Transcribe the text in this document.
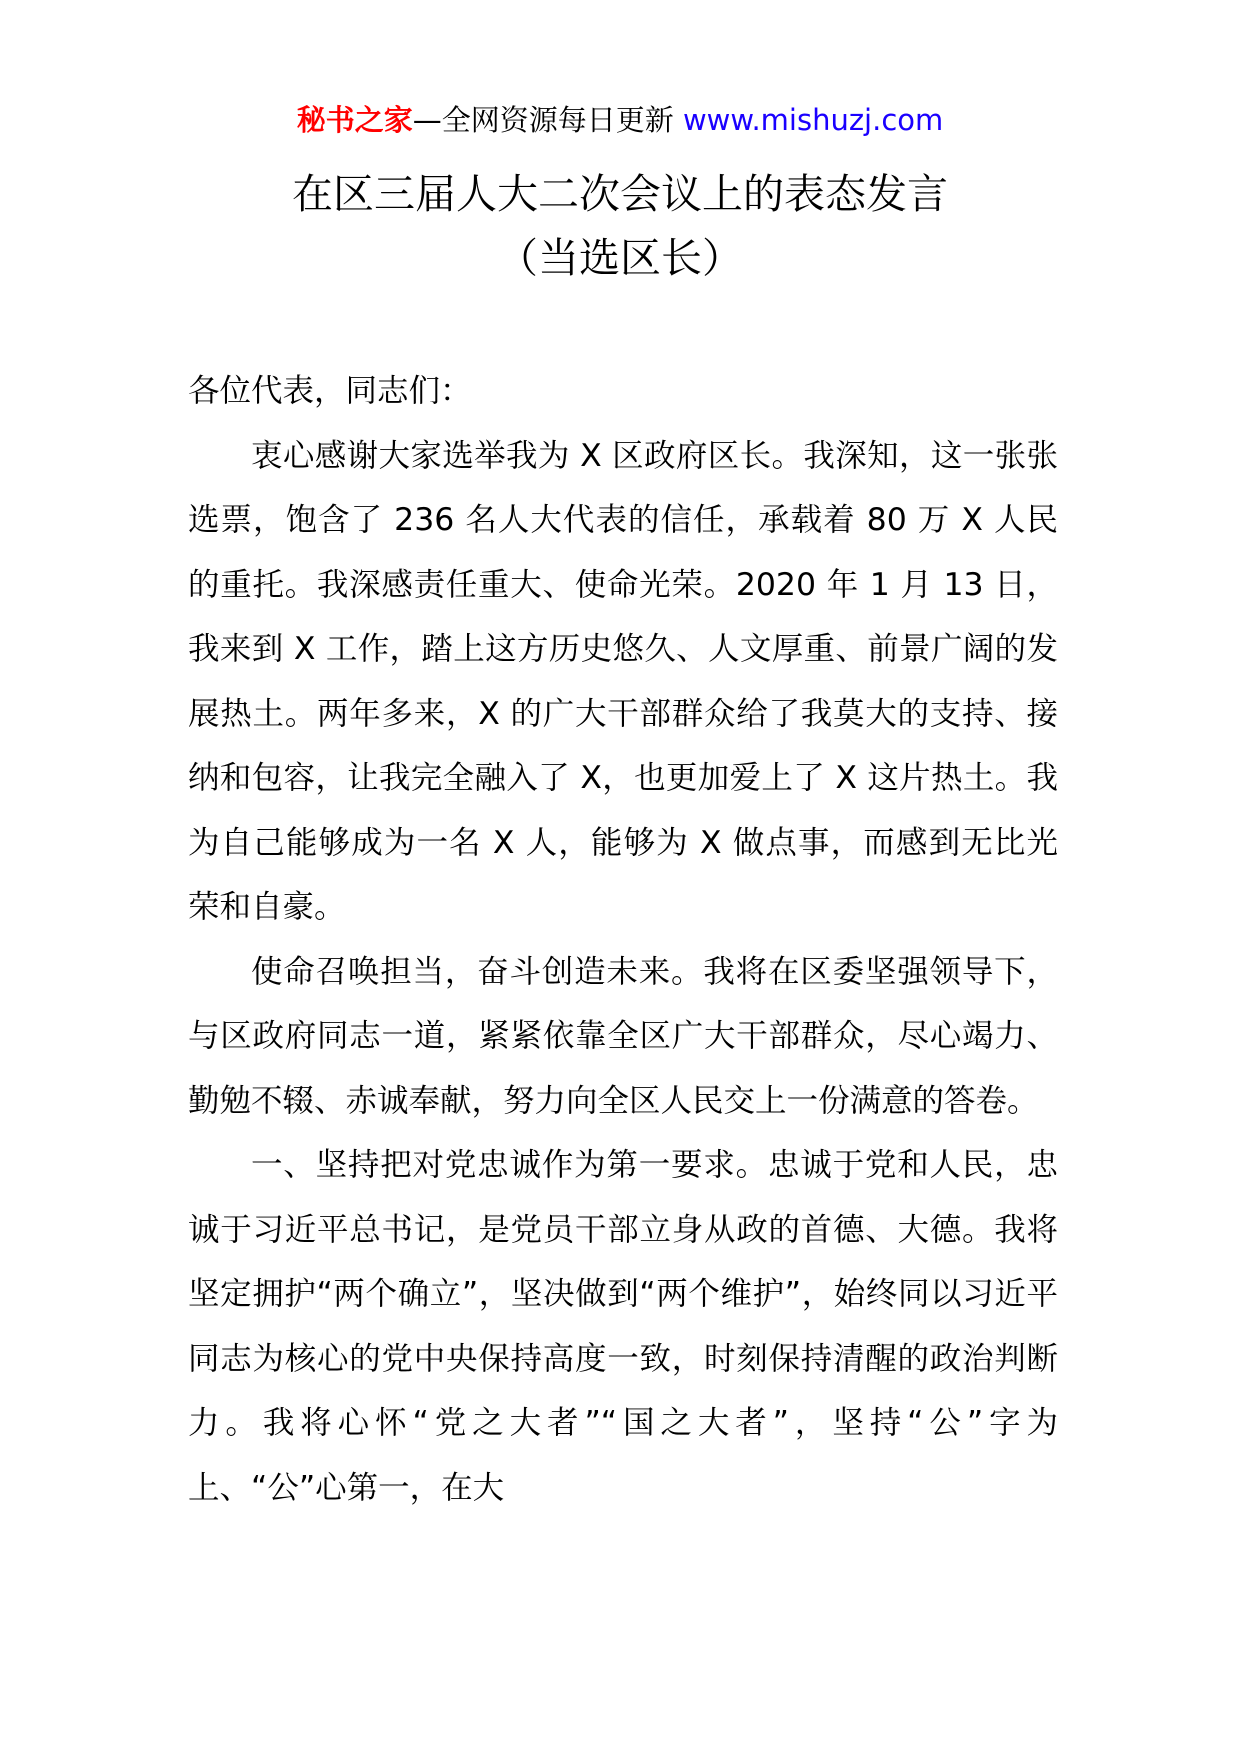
秘书之家—全网资源每日更新 www.mishuzj.com
在区三届人大二次会议上的表态发言
（当选区长）

各位代表，同志们：

衷心感谢大家选举我为 X 区政府区长。我深知，这一张张选票，饱含了 236 名人大代表的信任，承载着 80 万 X 人民的重托。我深感责任重大、使命光荣。2020 年 1 月 13 日，我来到 X 工作，踏上这方历史悠久、人文厚重、前景广阔的发展热土。两年多来，X 的广大干部群众给了我莫大的支持、接纳和包容，让我完全融入了 X，也更加爱上了 X 这片热土。我为自己能够成为一名 X 人，能够为 X 做点事，而感到无比光荣和自豪。

使命召唤担当，奋斗创造未来。我将在区委坚强领导下，与区政府同志一道，紧紧依靠全区广大干部群众，尽心竭力、勤勉不辍、赤诚奉献，努力向全区人民交上一份满意的答卷。

一、坚持把对党忠诚作为第一要求。忠诚于党和人民，忠诚于习近平总书记，是党员干部立身从政的首德、大德。我将坚定拥护“两个确立”，坚决做到“两个维护”，始终同以习近平同志为核心的党中央保持高度一致，时刻保持清醒的政治判断力。我将心怀“党之大者”“国之大者”，坚持“公”字为上、“公”心第一，在大
